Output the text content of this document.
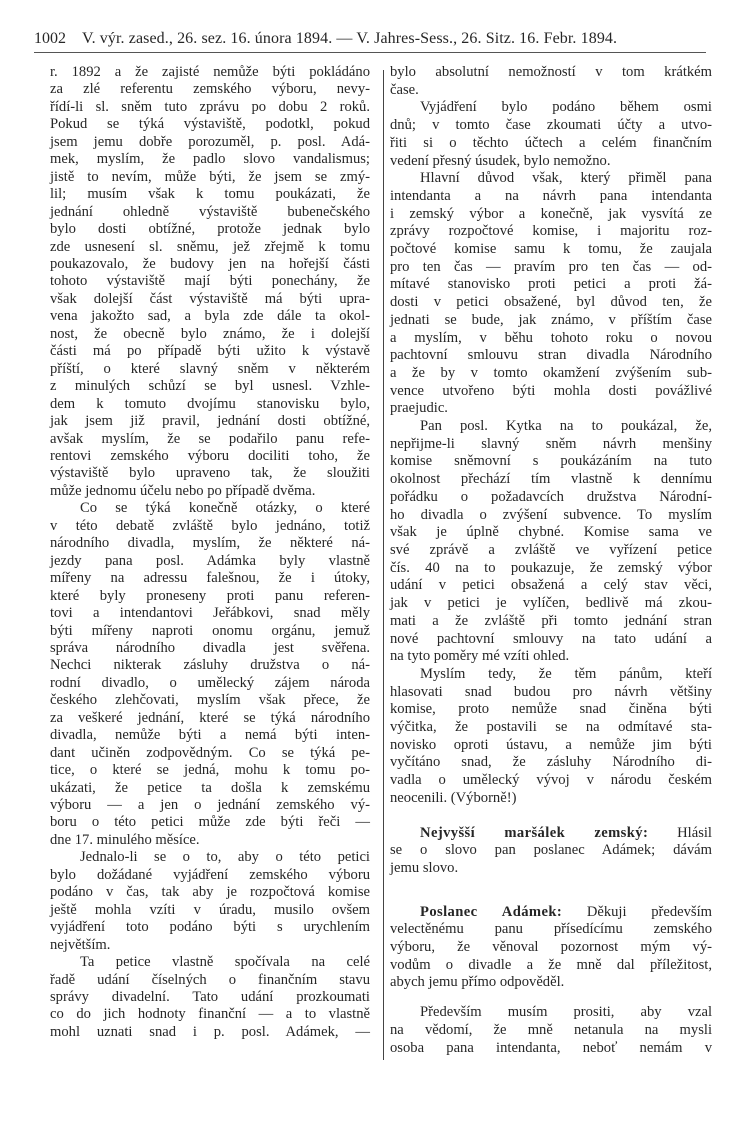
1002 V. výr. zased., 26. sez. 16. února 1894. — V. Jahres-Sess., 26. Sitz. 16. Febr. 1894.
r. 1892 a že zajisté nemůže býti pokládáno
za zlé referentu zemského výboru, nevy-
řídí-li sl. sněm tuto zprávu po dobu 2 roků.
Pokud se týká výstaviště, podotkl, pokud
jsem jemu dobře porozuměl, p. posl. Adá-
mek, myslím, že padlo slovo vandalismus;
jistě to nevím, může býti, že jsem se zmý-
lil; musím však k tomu poukázati, že
jednání ohledně výstaviště bubenečského
bylo dosti obtížné, protože jednak bylo
zde usnesení sl. sněmu, jež zřejmě k tomu
poukazovalo, že budovy jen na hořejší části
tohoto výstaviště mají býti ponechány, že
však dolejší část výstaviště má býti upra-
vena jakožto sad, a byla zde dále ta okol-
nost, že obecně bylo známo, že i dolejší
části má po případě býti užito k výstavě
příští, o které slavný sněm v některém
z minulých schůzí se byl usnesl. Vzhle-
dem k tomuto dvojímu stanovisku bylo,
jak jsem již pravil, jednání dosti obtížné,
avšak myslím, že se podařilo panu refe-
rentovi zemského výboru dociliti toho, že
výstaviště bylo upraveno tak, že sloužiti
může jednomu účelu nebo po případě dvěma.
Co se týká konečně otázky, o které
v této debatě zvláště bylo jednáno, totiž
národního divadla, myslím, že některé ná-
jezdy pana posl. Adámka byly vlastně
mířeny na adressu falešnou, že i útoky,
které byly proneseny proti panu referen-
tovi a intendantovi Jeřábkovi, snad měly
býti mířeny naproti onomu orgánu, jemuž
správa národního divadla jest svěřena.
Nechci nikterak zásluhy družstva o ná-
rodní divadlo, o umělecký zájem národa
českého zlehčovati, myslím však přece, že
za veškeré jednání, které se týká národního
divadla, nemůže býti a nemá býti inten-
dant učiněn zodpovědným. Co se týká pe-
tice, o které se jedná, mohu k tomu po-
ukázati, že petice ta došla k zemskému
výboru — a jen o jednání zemského vý-
boru o této petici může zde býti řeči —
dne 17. minulého měsíce.
Jednalo-li se o to, aby o této petici
bylo dožádané vyjádření zemského výboru
podáno v čas, tak aby je rozpočtová komise
ještě mohla vzíti v úradu, musilo ovšem
vyjádření toto podáno býti s urychlením
největším.
Ta petice vlastně spočívala na celé
řadě udání číselných o finančním stavu
správy divadelní. Tato udání prozkoumati
co do jich hodnoty finanční — a to vlastně
mohl uznati snad i p. posl. Adámek, —
bylo absolutní nemožností v tom krátkém
čase.
Vyjádření bylo podáno během osmi
dnů; v tomto čase zkoumati účty a utvo-
řiti si o těchto účtech a celém finančním
vedení přesný úsudek, bylo nemožno.
Hlavní důvod však, který přiměl pana
intendanta a na návrh pana intendanta
i zemský výbor a konečně, jak vysvítá ze
zprávy rozpočtové komise, i majoritu roz-
počtové komise samu k tomu, že zaujala
pro ten čas — pravím pro ten čas — od-
mítavé stanovisko proti petici a proti žá-
dosti v petici obsažené, byl důvod ten, že
jednati se bude, jak známo, v příštím čase
a myslím, v běhu tohoto roku o novou
pachtovní smlouvu stran divadla Národního
a že by v tomto okamžení zvýšením sub-
vence utvořeno býti mohla dosti povážlivé
praejudic.
Pan posl. Kytka na to poukázal, že,
nepřijme-li slavný sněm návrh menšiny
komise sněmovní s poukázáním na tuto
okolnost přechází tím vlastně k dennímu
pořádku o požadavcích družstva Národní-
ho divadla o zvýšení subvence. To myslím
však je úplně chybné. Komise sama ve
své zprávě a zvláště ve vyřízení petice
čís. 40 na to poukazuje, že zemský výbor
udání v petici obsažená a celý stav věci,
jak v petici je vylíčen, bedlivě má zkou-
mati a že zvláště při tomto jednání stran
nové pachtovní smlouvy na tato udání a
na tyto poměry mé vzíti ohled.
Myslím tedy, že těm pánům, kteří
hlasovati snad budou pro návrh většiny
komise, proto nemůže snad činěna býti
výčitka, že postavili se na odmítavé sta-
novisko oproti ústavu, a nemůže jim býti
vyčítáno snad, že zásluhy Národního di-
vadla o umělecký vývoj v národu českém
neocenili. (Výborně!)
Nejvyšší maršálek zemský: Hlásil
se o slovo pan poslanec Adámek; dávám
jemu slovo.
Poslanec Adámek: Děkuji především
velectěnému panu přísedícímu zemského
výboru, že věnoval pozornost mým vý-
vodům o divadle a že mně dal příležitost,
abych jemu přímo odpověděl.
Především musím prositi, aby vzal
na vědomí, že mně netanula na mysli
osoba pana intendanta, neboť nemám v
